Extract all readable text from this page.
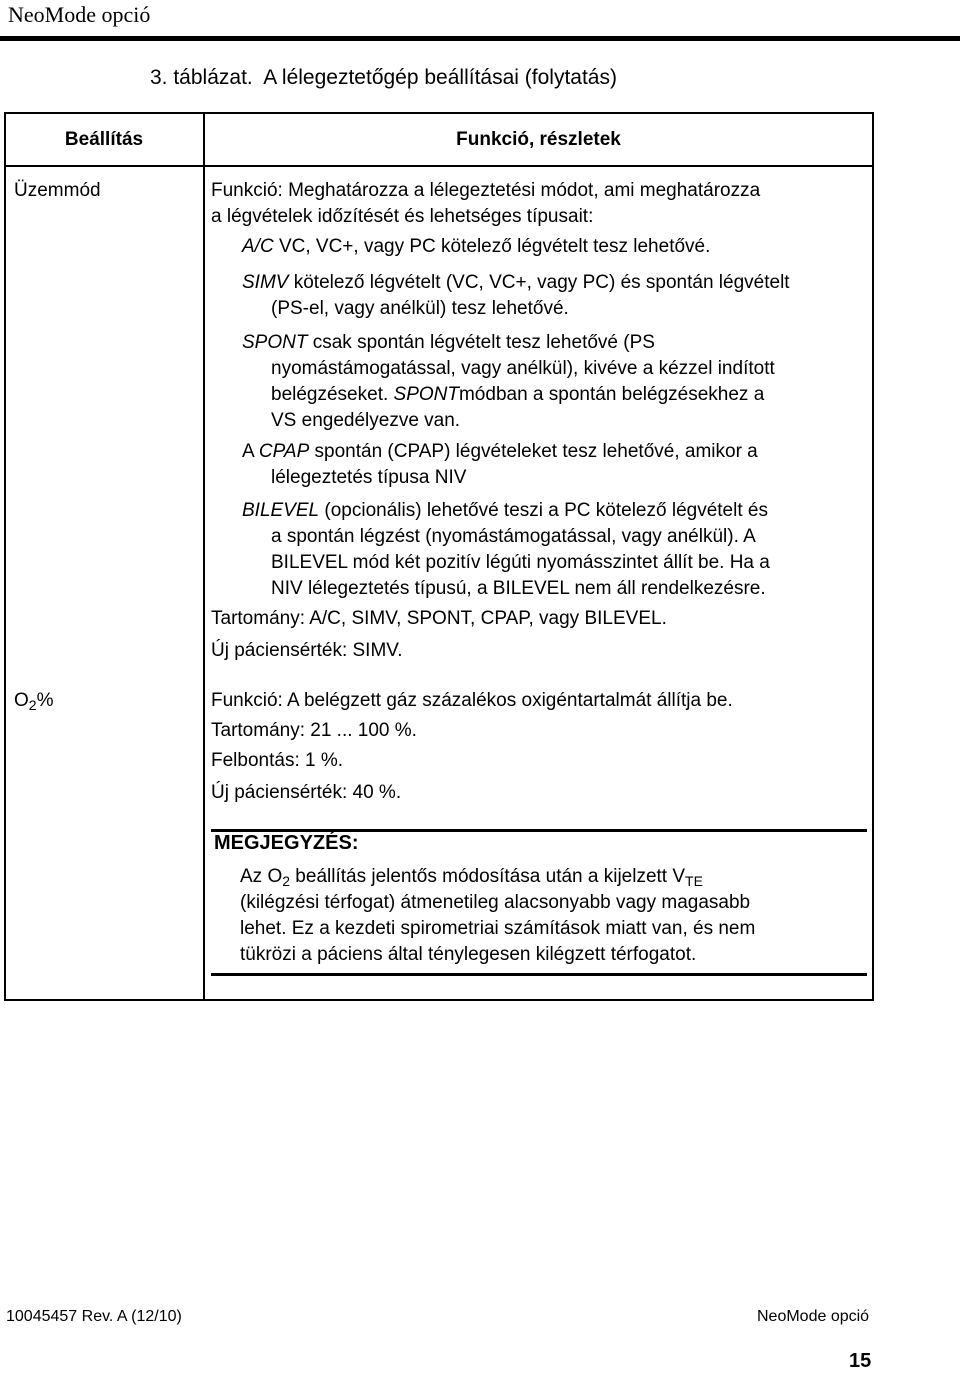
NeoMode opció
3. táblázat.  A lélegeztetőgép beállításai (folytatás)
Beállítás	Funkció, részletek
Üzemmód	Funkció: Meghatározza a lélegeztetési módot, ami meghatározza
a légvételek időzítését és lehetséges típusait:
A/C VC, VC+, vagy PC kötelező légvételt tesz lehetővé.
SIMV kötelező légvételt (VC, VC+, vagy PC) és spontán légvételt
(PS-el, vagy anélkül) tesz lehetővé.
SPONT csak spontán légvételt tesz lehetővé (PS
nyomástámogatással, vagy anélkül), kivéve a kézzel indított
belégzéseket. SPONTmódban a spontán belégzésekhez a
VS engedélyezve van.
A CPAP spontán (CPAP) légvételeket tesz lehetővé, amikor a
lélegeztetés típusa NIV
BILEVEL (opcionális) lehetővé teszi a PC kötelező légvételt és
a spontán légzést (nyomástámogatással, vagy anélkül). A
BILEVEL mód két pozitív légúti nyomásszintet állít be. Ha a
NIV lélegeztetés típusú, a BILEVEL nem áll rendelkezésre.
Tartomány: A/C, SIMV, SPONT, CPAP, vagy BILEVEL.
Új páciensérték: SIMV.
$O_2\%$	Funkció: A belégzett gáz százalékos oxigéntartalmát állítja be.
Tartomány: 21 ... 100 %.
Felbontás: 1 %.
Új páciensérték: 40 %.
MEGJEGYZÉS:
Az $O_2$ beállítás jelentős módosítása után a kijelzett $V_{TE}$
(kilégzési térfogat) átmenetileg alacsonyabb vagy magasabb
lehet. Ez a kezdeti spirometriai számítások miatt van, és nem
tükrözi a páciens által ténylegesen kilégzett térfogatot.
10045457 Rev. A (12/10)	NeoMode opció
15
